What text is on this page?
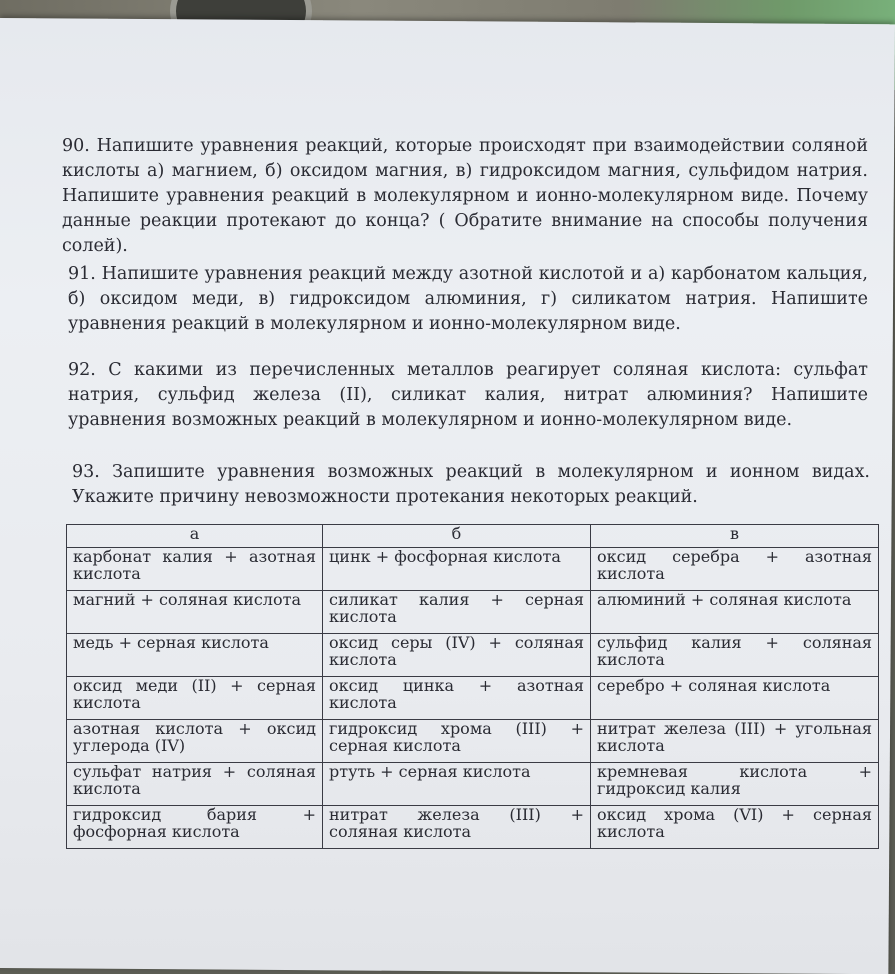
90. Напишите уравнения реакций, которые происходят при взаимодействии соляной кислоты а) магнием, б) оксидом магния, в) гидроксидом магния, сульфидом натрия. Напишите уравнения реакций в молекулярном и ионно-молекулярном виде. Почему данные реакции протекают до конца? ( Обратите внимание на способы получения солей).
91. Напишите уравнения реакций между азотной кислотой и а) карбонатом кальция, б) оксидом меди, в) гидроксидом алюминия, г) силикатом натрия. Напишите уравнения реакций в молекулярном и ионно-молекулярном виде.
92. С какими из перечисленных металлов реагирует соляная кислота: сульфат натрия, сульфид железа (II), силикат калия, нитрат алюминия? Напишите уравнения возможных реакций в молекулярном и ионно-молекулярном виде.
93. Запишите уравнения возможных реакций в молекулярном и ионном видах. Укажите причину невозможности протекания некоторых реакций.
а	б	в
карбонат калия + азотная кислота	цинк + фосфорная кислота	оксид серебра + азотная кислота
магний + соляная кислота	силикат калия + серная кислота	алюминий + соляная кислота
медь + серная кислота	оксид серы (IV) + соляная кислота	сульфид калия + соляная кислота
оксид меди (II) + серная кислота	оксид цинка + азотная кислота	серебро + соляная кислота
азотная кислота + оксид углерода (IV)	гидроксид хрома (III) + серная кислота	нитрат железа (III) + угольная кислота
сульфат натрия + соляная кислота	ртуть + серная кислота	кремневая кислота + гидроксид калия
гидроксид бария + фосфорная кислота	нитрат железа (III) + соляная кислота	оксид хрома (VI) + серная кислота
